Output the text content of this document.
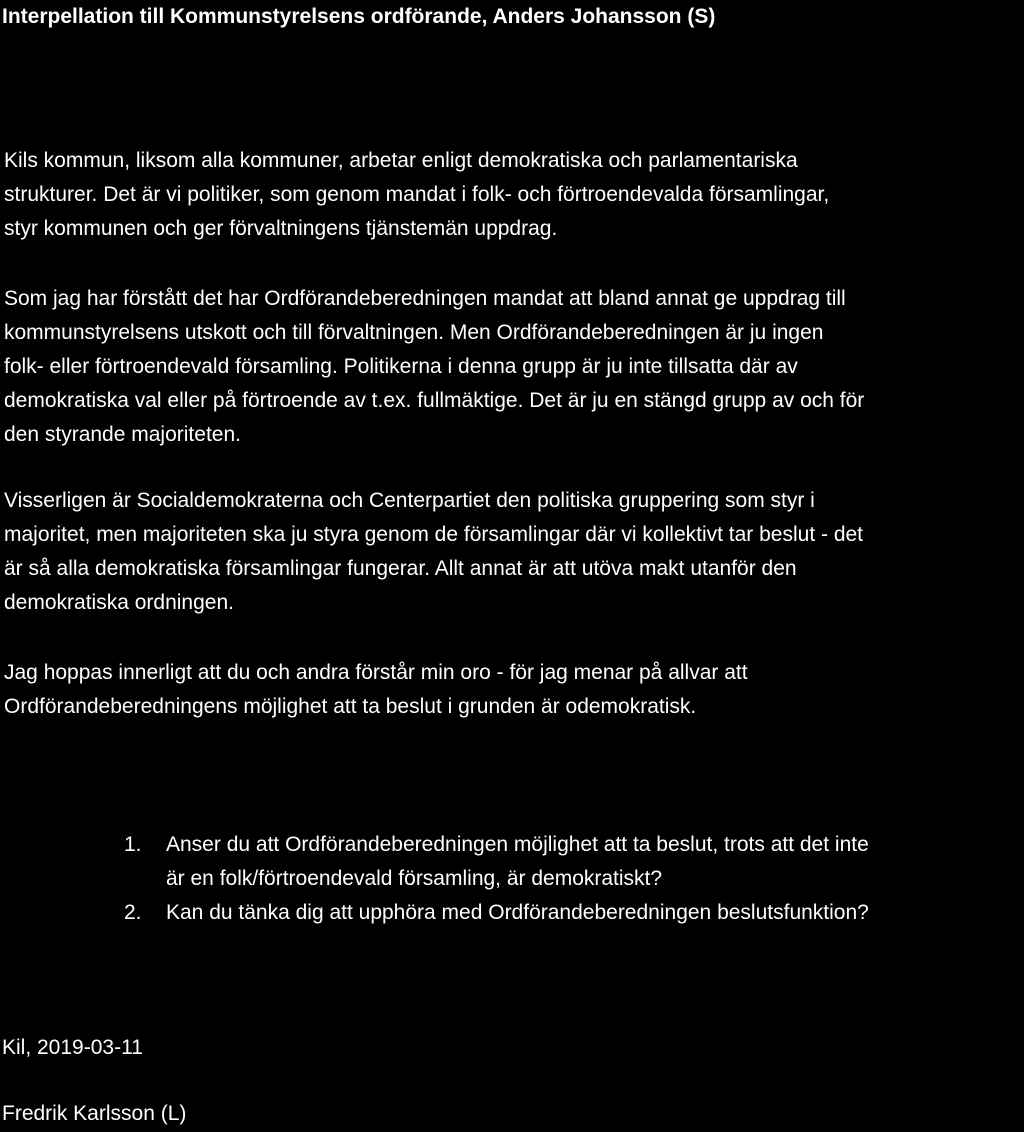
Interpellation till Kommunstyrelsens ordförande, Anders Johansson (S)

Kils kommun, liksom alla kommuner, arbetar enligt demokratiska och parlamentariska
strukturer. Det är vi politiker, som genom mandat i folk- och förtroendevalda församlingar,
styr kommunen och ger förvaltningens tjänstemän uppdrag.

Som jag har förstått det har Ordförandeberedningen mandat att bland annat ge uppdrag till
kommunstyrelsens utskott och till förvaltningen. Men Ordförandeberedningen är ju ingen
folk- eller förtroendevald församling. Politikerna i denna grupp är ju inte tillsatta där av
demokratiska val eller på förtroende av t.ex. fullmäktige. Det är ju en stängd grupp av och för
den styrande majoriteten.

Visserligen är Socialdemokraterna och Centerpartiet den politiska gruppering som styr i
majoritet, men majoriteten ska ju styra genom de församlingar där vi kollektivt tar beslut - det
är så alla demokratiska församlingar fungerar. Allt annat är att utöva makt utanför den
demokratiska ordningen.

Jag hoppas innerligt att du och andra förstår min oro - för jag menar på allvar att
Ordförandeberedningens möjlighet att ta beslut i grunden är odemokratisk.

1.	Anser du att Ordförandeberedningen möjlighet att ta beslut, trots att det inte
är en folk/förtroendevald församling, är demokratiskt?
2.	Kan du tänka dig att upphöra med Ordförandeberedningen beslutsfunktion?

Kil, 2019-03-11

Fredrik Karlsson (L)
